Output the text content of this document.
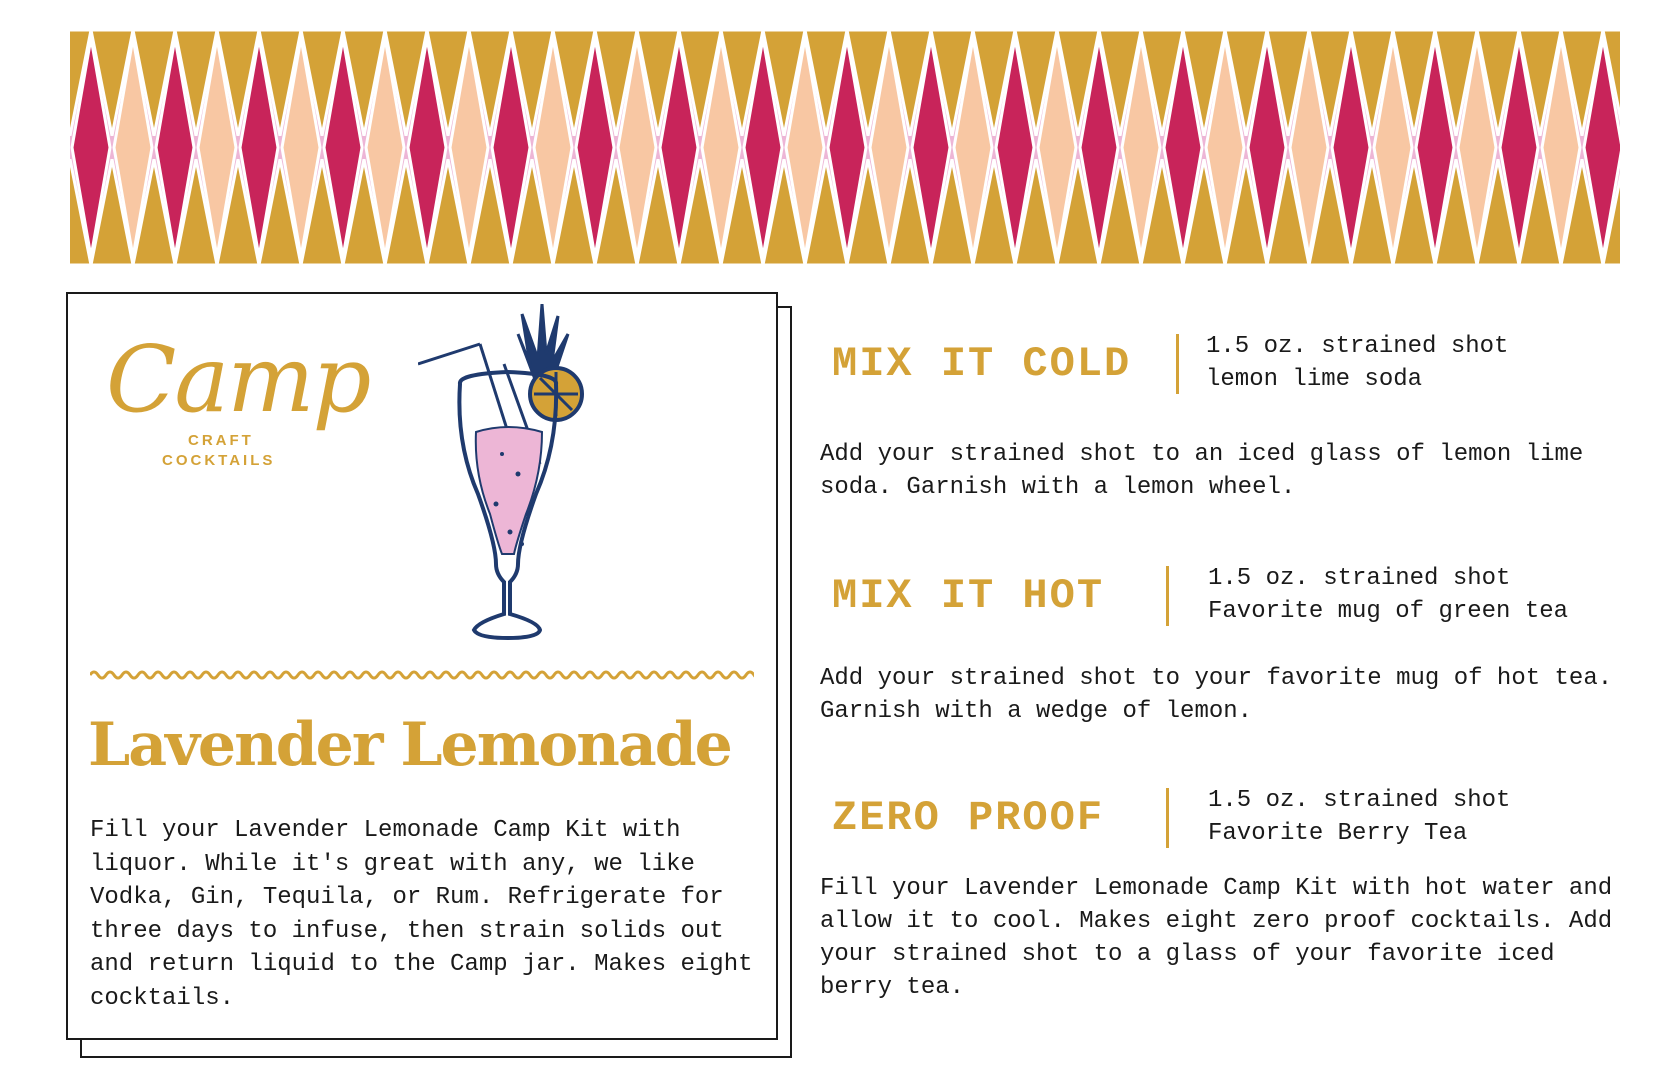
Camp
CRAFT
COCKTAILS
Lavender Lemonade
Fill your Lavender Lemonade Camp Kit with liquor. While it's great with any, we like Vodka, Gin, Tequila, or Rum. Refrigerate for three days to infuse, then strain solids out and return liquid to the Camp jar. Makes eight cocktails.
MIX IT COLD	1.5 oz. strained shot
lemon lime soda
Add your strained shot to an iced glass of lemon lime soda. Garnish with a lemon wheel.
MIX IT HOT	1.5 oz. strained shot
Favorite mug of green tea
Add your strained shot to your favorite mug of hot tea. Garnish with a wedge of lemon.
ZERO PROOF	1.5 oz. strained shot
Favorite Berry Tea
Fill your Lavender Lemonade Camp Kit with hot water and allow it to cool. Makes eight zero proof cocktails. Add your strained shot to a glass of your favorite iced berry tea.
